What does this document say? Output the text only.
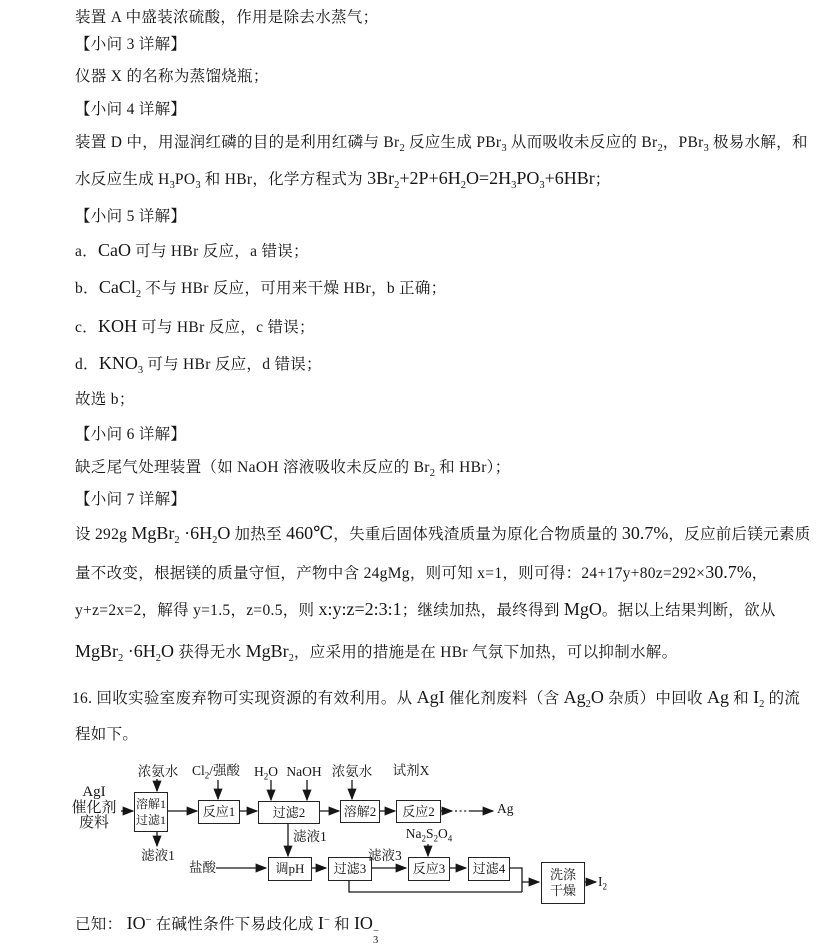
装置 A 中盛装浓硫酸，作用是除去水蒸气；
【小问 3 详解】
仪器 X 的名称为蒸馏烧瓶；
【小问 4 详解】
装置 D 中，用湿润红磷的目的是利用红磷与 $Br_2$ 反应生成 PBr$_3$ 从而吸收未反应的 $Br_2$，PBr$_3$ 极易水解，和
水反应生成 $H_3PO_3$ 和 HBr，化学方程式为 $3Br_2+2P+6H_2O=2H_3PO_3+6HBr$；
【小问 5 详解】
a．CaO 可与 HBr 反应，a 错误；
b．CaCl$_2$ 不与 HBr 反应，可用来干燥 HBr，b 正确；
c．KOH 可与 HBr 反应，c 错误；
d．$KNO_3$ 可与 HBr 反应，d 错误；
故选 b；
【小问 6 详解】
缺乏尾气处理装置（如 NaOH 溶液吸收未反应的 $Br_2$ 和 HBr）；
【小问 7 详解】
设 292g MgBr$_2$ $\cdot 6H_2O$ 加热至 460℃，失重后固体残渣质量为原化合物质量的 30.7%，反应前后镁元素质
量不改变，根据镁的质量守恒，产物中含 24gMg，则可知 x=1，则可得：24+17y+80z=292×30.7%，
y+z=2x=2，解得 y=1.5，z=0.5，则 x:y:z=2:3:1；继续加热，最终得到 MgO。据以上结果判断，欲从
MgBr$_2$ $\cdot 6H_2O$ 获得无水 MgBr$_2$，应采用的措施是在 HBr 气氛下加热，可以抑制水解。
16. 回收实验室废弃物可实现资源的有效利用。从 AgI 催化剂废料（含 $Ag_2O$ 杂质）中回收 Ag 和 $I_2$ 的流
程如下。
已知： IO− 在碱性条件下易歧化成 I− 和 IO −
3
AgI
催化剂
废料
溶解1
过滤1
反应1	过滤2	溶解2 反应2
调pH 过滤3	反应3 过滤4	洗涤
干燥
浓氨水	$Cl_2/$强酸	$H_2O$ NaOH 浓氨水	试剂X
滤液1
滤液1
盐酸
滤液3
$Na_2S_2O_4$
Ag
$I_2$
